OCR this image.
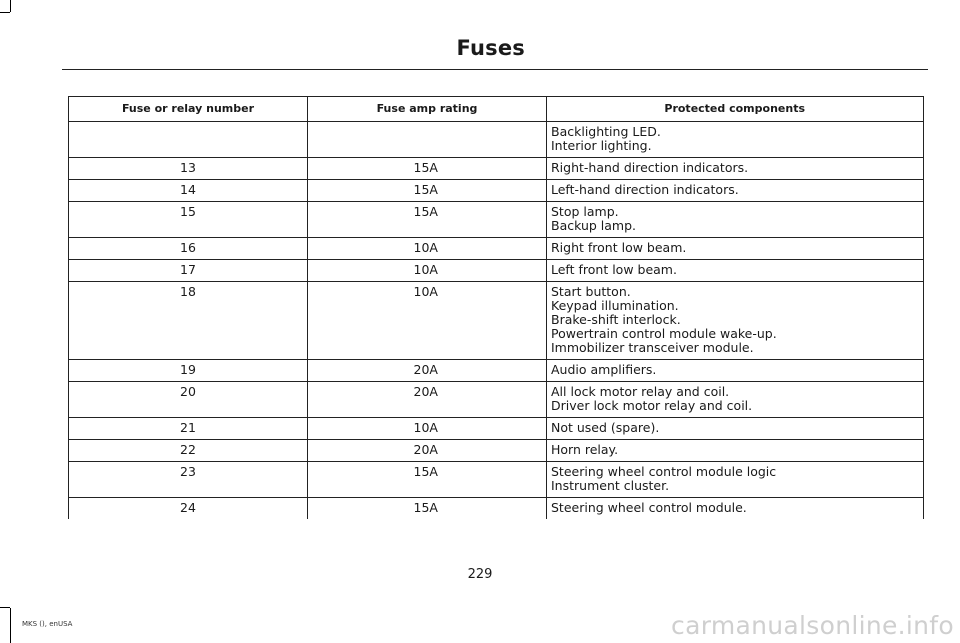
Fuses
Fuse or relay number	Fuse amp rating	Protected components

		Backlighting LED.
Interior lighting.

13	15A	Right-hand direction indicators.

14	15A	Left-hand direction indicators.

15	15A	Stop lamp.
Backup lamp.

16	10A	Right front low beam.

17	10A	Left front low beam.

18	10A	Start button.
Keypad illumination.
Brake-shift interlock.
Powertrain control module wake-up.
Immobilizer transceiver module.

19	20A	Audio amplifiers.

20	20A	All lock motor relay and coil.
Driver lock motor relay and coil.

21	10A	Not used (spare).

22	20A	Horn relay.

23	15A	Steering wheel control module logic
Instrument cluster.

24	15A	Steering wheel control module.
229
MKS (), enUSA	carmanualsonline.info
